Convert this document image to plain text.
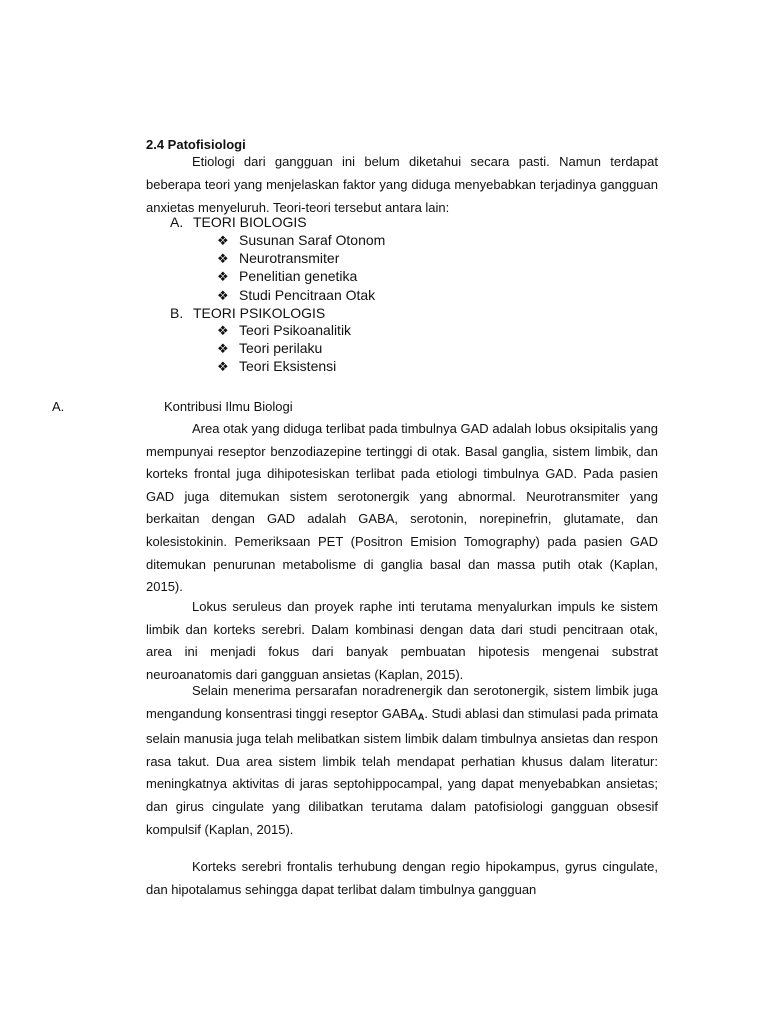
2.4 Patofisiologi
Etiologi dari gangguan ini belum diketahui secara pasti. Namun terdapat beberapa teori yang menjelaskan faktor yang diduga menyebabkan terjadinya gangguan anxietas menyeluruh. Teori-teori tersebut antara lain:
A. TEORI BIOLOGIS
❖ Susunan Saraf Otonom
❖ Neurotransmiter
❖ Penelitian genetika
❖ Studi Pencitraan Otak
B. TEORI PSIKOLOGIS
❖ Teori Psikoanalitik
❖ Teori perilaku
❖ Teori Eksistensi
A.	Kontribusi Ilmu Biologi
Area otak yang diduga terlibat pada timbulnya GAD adalah lobus oksipitalis yang mempunyai reseptor benzodiazepine tertinggi di otak. Basal ganglia, sistem limbik, dan korteks frontal juga dihipotesiskan terlibat pada etiologi timbulnya GAD. Pada pasien GAD juga ditemukan sistem serotonergik yang abnormal. Neurotransmiter yang berkaitan dengan GAD adalah GABA, serotonin, norepinefrin, glutamate, dan kolesistokinin. Pemeriksaan PET (Positron Emision Tomography) pada pasien GAD ditemukan penurunan metabolisme di ganglia basal dan massa putih otak (Kaplan, 2015).
Lokus seruleus dan proyek raphe inti terutama menyalurkan impuls ke sistem limbik dan korteks serebri. Dalam kombinasi dengan data dari studi pencitraan otak, area ini menjadi fokus dari banyak pembuatan hipotesis mengenai substrat neuroanatomis dari gangguan ansietas (Kaplan, 2015).
Selain menerima persarafan noradrenergik dan serotonergik, sistem limbik juga mengandung konsentrasi tinggi reseptor $GABA_A$. Studi ablasi dan stimulasi pada primata selain manusia juga telah melibatkan sistem limbik dalam timbulnya ansietas dan respon rasa takut. Dua area sistem limbik telah mendapat perhatian khusus dalam literatur: meningkatnya aktivitas di jaras septohippocampal, yang dapat menyebabkan ansietas; dan girus cingulate yang dilibatkan terutama dalam patofisiologi gangguan obsesif kompulsif (Kaplan, 2015).
Korteks serebri frontalis terhubung dengan regio hipokampus, gyrus cingulate, dan hipotalamus sehingga dapat terlibat dalam timbulnya gangguan
